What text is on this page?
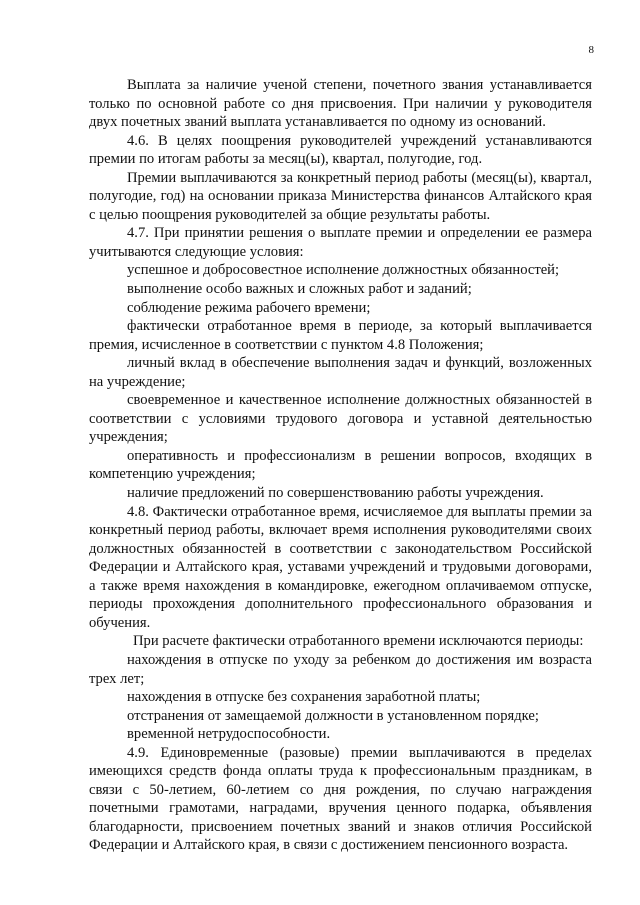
8

Выплата за наличие ученой степени, почетного звания устанавливается только по основной работе со дня присвоения. При наличии у руководителя двух почетных званий выплата устанавливается по одному из оснований.

4.6. В целях поощрения руководителей учреждений устанавливаются премии по итогам работы за месяц(ы), квартал, полугодие, год.

Премии выплачиваются за конкретный период работы (месяц(ы), квартал, полугодие, год) на основании приказа Министерства финансов Алтайского края с целью поощрения руководителей за общие результаты работы.

4.7. При принятии решения о выплате премии и определении ее размера учитываются следующие условия:

успешное и добросовестное исполнение должностных обязанностей;

выполнение особо важных и сложных работ и заданий;

соблюдение режима рабочего времени;

фактически отработанное время в периоде, за который выплачивается премия, исчисленное в соответствии с пунктом 4.8 Положения;

личный вклад в обеспечение выполнения задач и функций, возложенных на учреждение;

своевременное и качественное исполнение должностных обязанностей в соответствии с условиями трудового договора и уставной деятельностью учреждения;

оперативность и профессионализм в решении вопросов, входящих в компетенцию учреждения;

наличие предложений по совершенствованию работы учреждения.

4.8. Фактически отработанное время, исчисляемое для выплаты премии за конкретный период работы, включает время исполнения руководителями своих должностных обязанностей в соответствии с законодательством Российской Федерации и Алтайского края, уставами учреждений и трудовыми договорами, а также время нахождения в командировке, ежегодном оплачиваемом отпуске, периоды прохождения дополнительного профессионального образования и обучения.

При расчете фактически отработанного времени исключаются периоды:

нахождения в отпуске по уходу за ребенком до достижения им возраста трех лет;

нахождения в отпуске без сохранения заработной платы;

отстранения от замещаемой должности в установленном порядке;

временной нетрудоспособности.

4.9. Единовременные (разовые) премии выплачиваются в пределах имеющихся средств фонда оплаты труда к профессиональным праздникам, в связи с 50-летием, 60-летием со дня рождения, по случаю награждения почетными грамотами, наградами, вручения ценного подарка, объявления благодарности, присвоением почетных званий и знаков отличия Российской Федерации и Алтайского края, в связи с достижением пенсионного возраста.
